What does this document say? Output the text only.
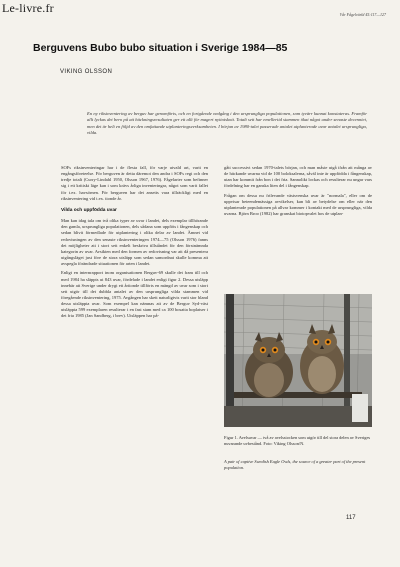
Le-livre.fr	Vår Fågelvärld 45:117—127
Berguvens Bubo bubo situation i Sverige 1984—85
VIKING OLSSON
En ny riksinventering av berguv har genomförts, och en fortgående nedgång i den ursprungliga populationen, som tyvärr kunnat konstateras. Framför allt lyckas det bero på att häckningsresultaten ger ett allt för magert nyttotskott. Totalt sett har emellertid stammen ökat något under senaste decenniet, men det är helt en följd av den omfattande utplanteringsverksamheten. I början av 1980-talet passerade antalet utplanterade uvar antalet ursprungliga, vilda.

SOFs riksinventeringar har i de flesta fall, för varje utvald art, varit en engångsföreteelse. För berguven är detta däremot den andra i SOFs regi och den tredje totalt (Curry-Lindahl 1950, Olsson 1967, 1976). Fågelarter som befinner sig i ett kritiskt läge kan i som krävs årliga inventeringar, något som varit fallet för t.ex. havsörnen. För berguven har det ansetts vara tillräckligt med en riksinventering vid t.ex. tionde år.

Vilda och uppfödda uvar

Man kan idag tala om två olika typer av uvar i landet, dels exemplar tillhörande den gamla, ursprungliga populationen, dels sådana som uppföts i fångenskap och sedan blivit förmedlade för utplantering i olika delar av landet. Ämnet vid redovisningen av den senaste riksinventeringen 1974—75 (Olsson 1976) fanns det möjligheter att i stort sett enkelt beskriva tillståndet för den förstnämnda kategorin av uvar. Avsikten med den formen av redovisning var att då presentera utgångsläget just före de stora utsläpp som sedan samordnat skulle komma att avspegla förändrade situationen för arten i landet.

Enligt en internrapport inom organisationen Berguv-69 skulle det fram till och med 1984 ha släppts ut 843 uvar, fördelade i landet enligt figur 2. Dessa utsläpp innebär att Sverige under drygt ett årtionde tillförts en mängd av uvar som i stort sett utgör till det dubbla antalet av den ursprungliga vilda stammen vid föregående riksinventering, 1975. Avgången har skett naturligtvis varit stor bland dessa utsläppta uvar. Som exempel kan nämnas att av de Berguv Syd-väst utsläppta 599 exemplaren resulterar i en fast stam med ca 100 bosatta boplatser i det fria 1985 (Jan Sandberg, i brev). Utsläppen har på-

gått successivt sedan 1970-talets början, och man måste utgå ifrån att många av de häckande uvarna vid de 100 boloksalerna, såväl inte är uppfödda i fångenskap, utan har kommit från bon i det fria. Sannolikt lockas och resulterar nu ungar vars fördelning har en ganska liten del i fångenskap.

Frågan om dessa nu frilevande västsvenska uvar är "normala", eller om de uppvisar beteendemässiga avvikelser, kan bli av betydelse om eller när den utplanterade populationen på allvar kommer i kontakt med de ursprungliga, vilda uvarna. Björn Broo (1982) har granskat biotopvalet hos de utplan-

Figur 1. Avelsuvar — två av avelsstocken som utgör till del stora delen av Sveriges nuvarande uvbestånd. Foto: Viking Olsson/N.
A pair of captive Swedish Eagle Owls, the source of a greater part of the present population.
117
